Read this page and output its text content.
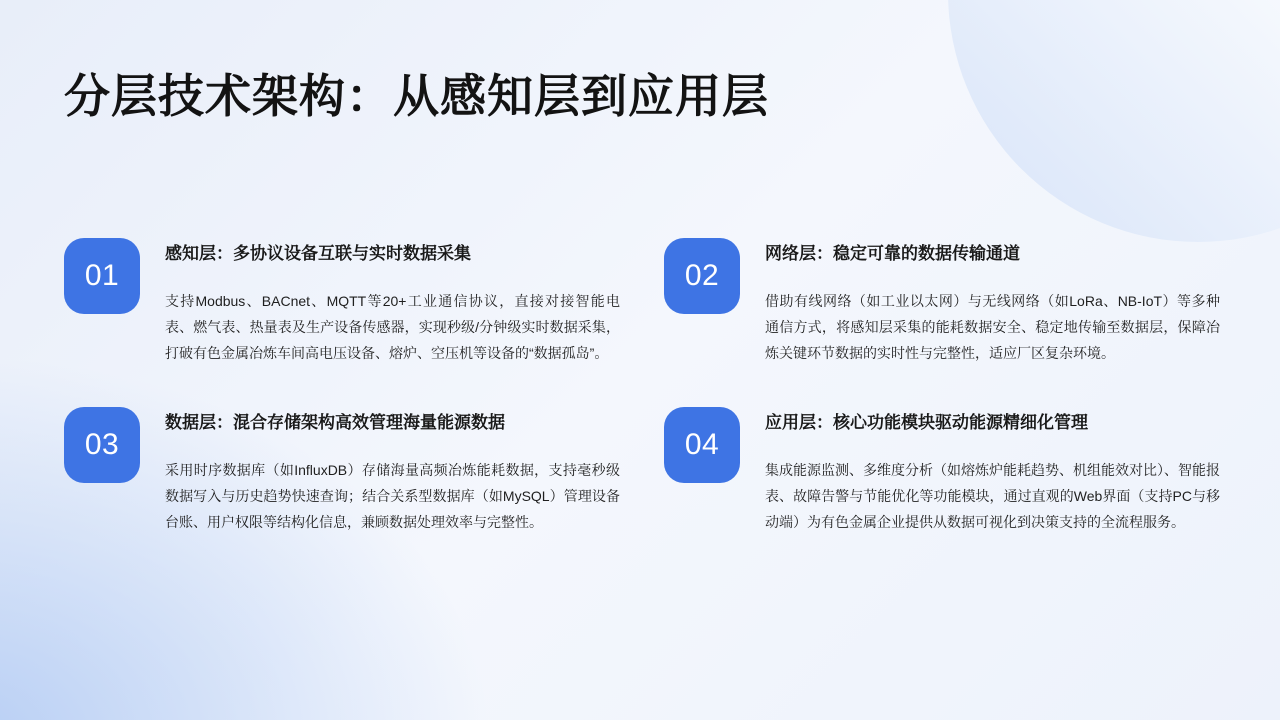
分层技术架构：从感知层到应用层
01
感知层：多协议设备互联与实时数据采集
支持Modbus、BACnet、MQTT等20+工业通信协议，直接对接智能电表、燃气表、热量表及生产设备传感器，实现秒级/分钟级实时数据采集，打破有色金属冶炼车间高电压设备、熔炉、空压机等设备的“数据孤岛”。
02
网络层：稳定可靠的数据传输通道
借助有线网络（如工业以太网）与无线网络（如LoRa、NB-IoT）等多种通信方式，将感知层采集的能耗数据安全、稳定地传输至数据层，保障冶炼关键环节数据的实时性与完整性，适应厂区复杂环境。
03
数据层：混合存储架构高效管理海量能源数据
采用时序数据库（如InfluxDB）存储海量高频冶炼能耗数据，支持毫秒级数据写入与历史趋势快速查询；结合关系型数据库（如MySQL）管理设备台账、用户权限等结构化信息，兼顾数据处理效率与完整性。
04
应用层：核心功能模块驱动能源精细化管理
集成能源监测、多维度分析（如熔炼炉能耗趋势、机组能效对比）、智能报表、故障告警与节能优化等功能模块，通过直观的Web界面（支持PC与移动端）为有色金属企业提供从数据可视化到决策支持的全流程服务。
